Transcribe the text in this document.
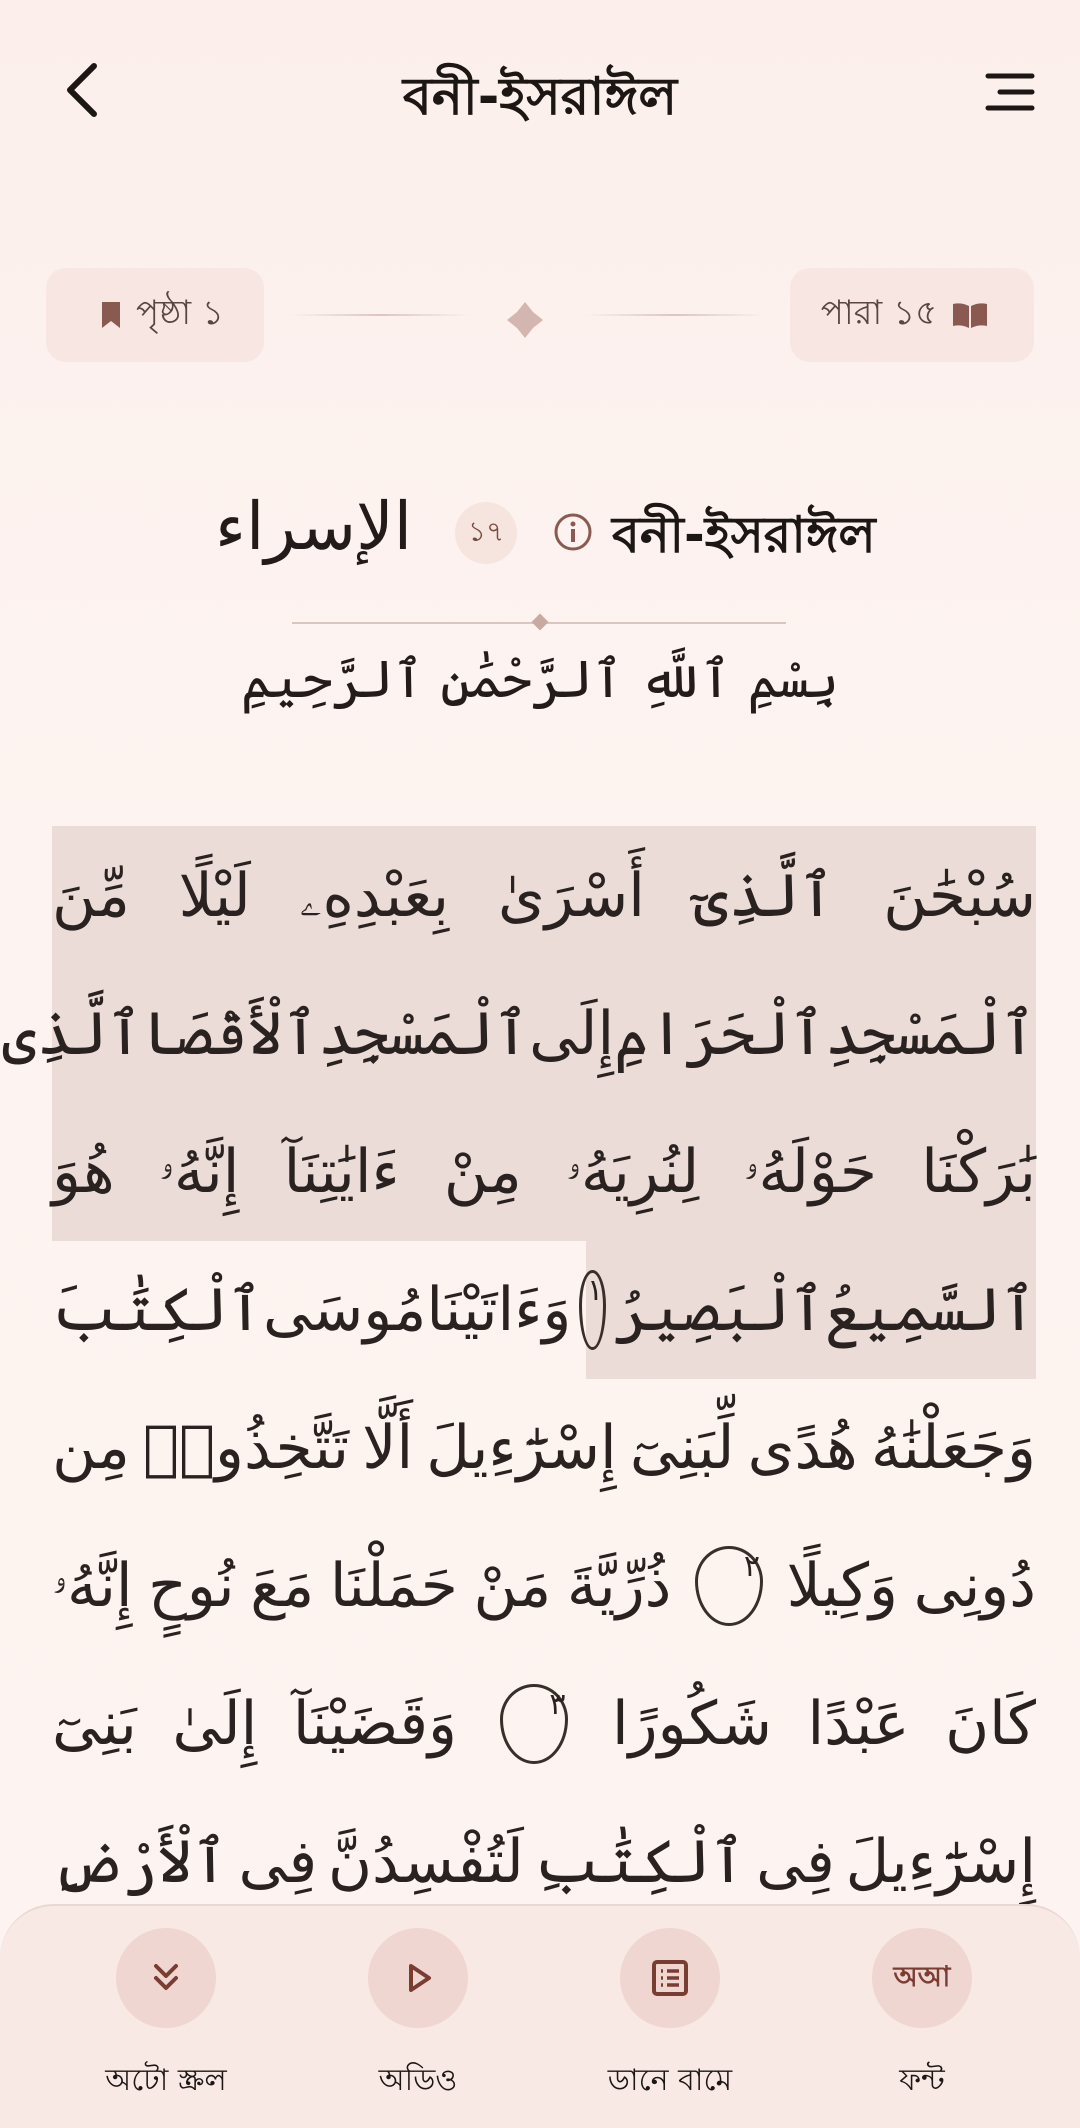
বনী-ইসরাঈল
পৃষ্ঠা ১	পারা ১৫
الإسراء	১৭ বনী-ইসরাঈল
بِسْمِ ٱللَّهِ ٱلرَّحْمَٰنِ ٱلرَّحِيمِ
سُبْحَٰنَ
ٱلَّذِىٓ
أَسْرَىٰ
بِعَبْدِهِۦ
لَيْلًا
مِّنَ
ٱلْمَسْجِدِ
ٱلْحَرَامِ
إِلَى
ٱلْمَسْجِدِ
ٱلْأَقْصَا
ٱلَّذِى
بَٰرَكْنَا
حَوْلَهُۥ
لِنُرِيَهُۥ
مِنْ
ءَايَٰتِنَآ
إِنَّهُۥ
هُوَ
ٱلسَّمِيعُ
ٱلْبَصِيرُ
١
وَءَاتَيْنَا
مُوسَى
ٱلْكِتَٰبَ
وَجَعَلْنَٰهُ
هُدًى
لِّبَنِىٓ
إِسْرَٰٓءِيلَ
أَلَّا
تَتَّخِذُوا۟
مِن
دُونِى
وَكِيلًا
٢
ذُرِّيَّةَ
مَنْ
حَمَلْنَا
مَعَ
نُوحٍ
إِنَّهُۥ
كَانَ
عَبْدًا
شَكُورًا
٣
وَقَضَيْنَآ
إِلَىٰ
بَنِىٓ
إِسْرَٰٓءِيلَ
فِى
ٱلْكِتَٰبِ
لَتُفْسِدُنَّ
فِى
ٱلْأَرْضِ
অটো স্ক্রল	অডিও	ডানে বামে
অ‌আ
ফন্ট
